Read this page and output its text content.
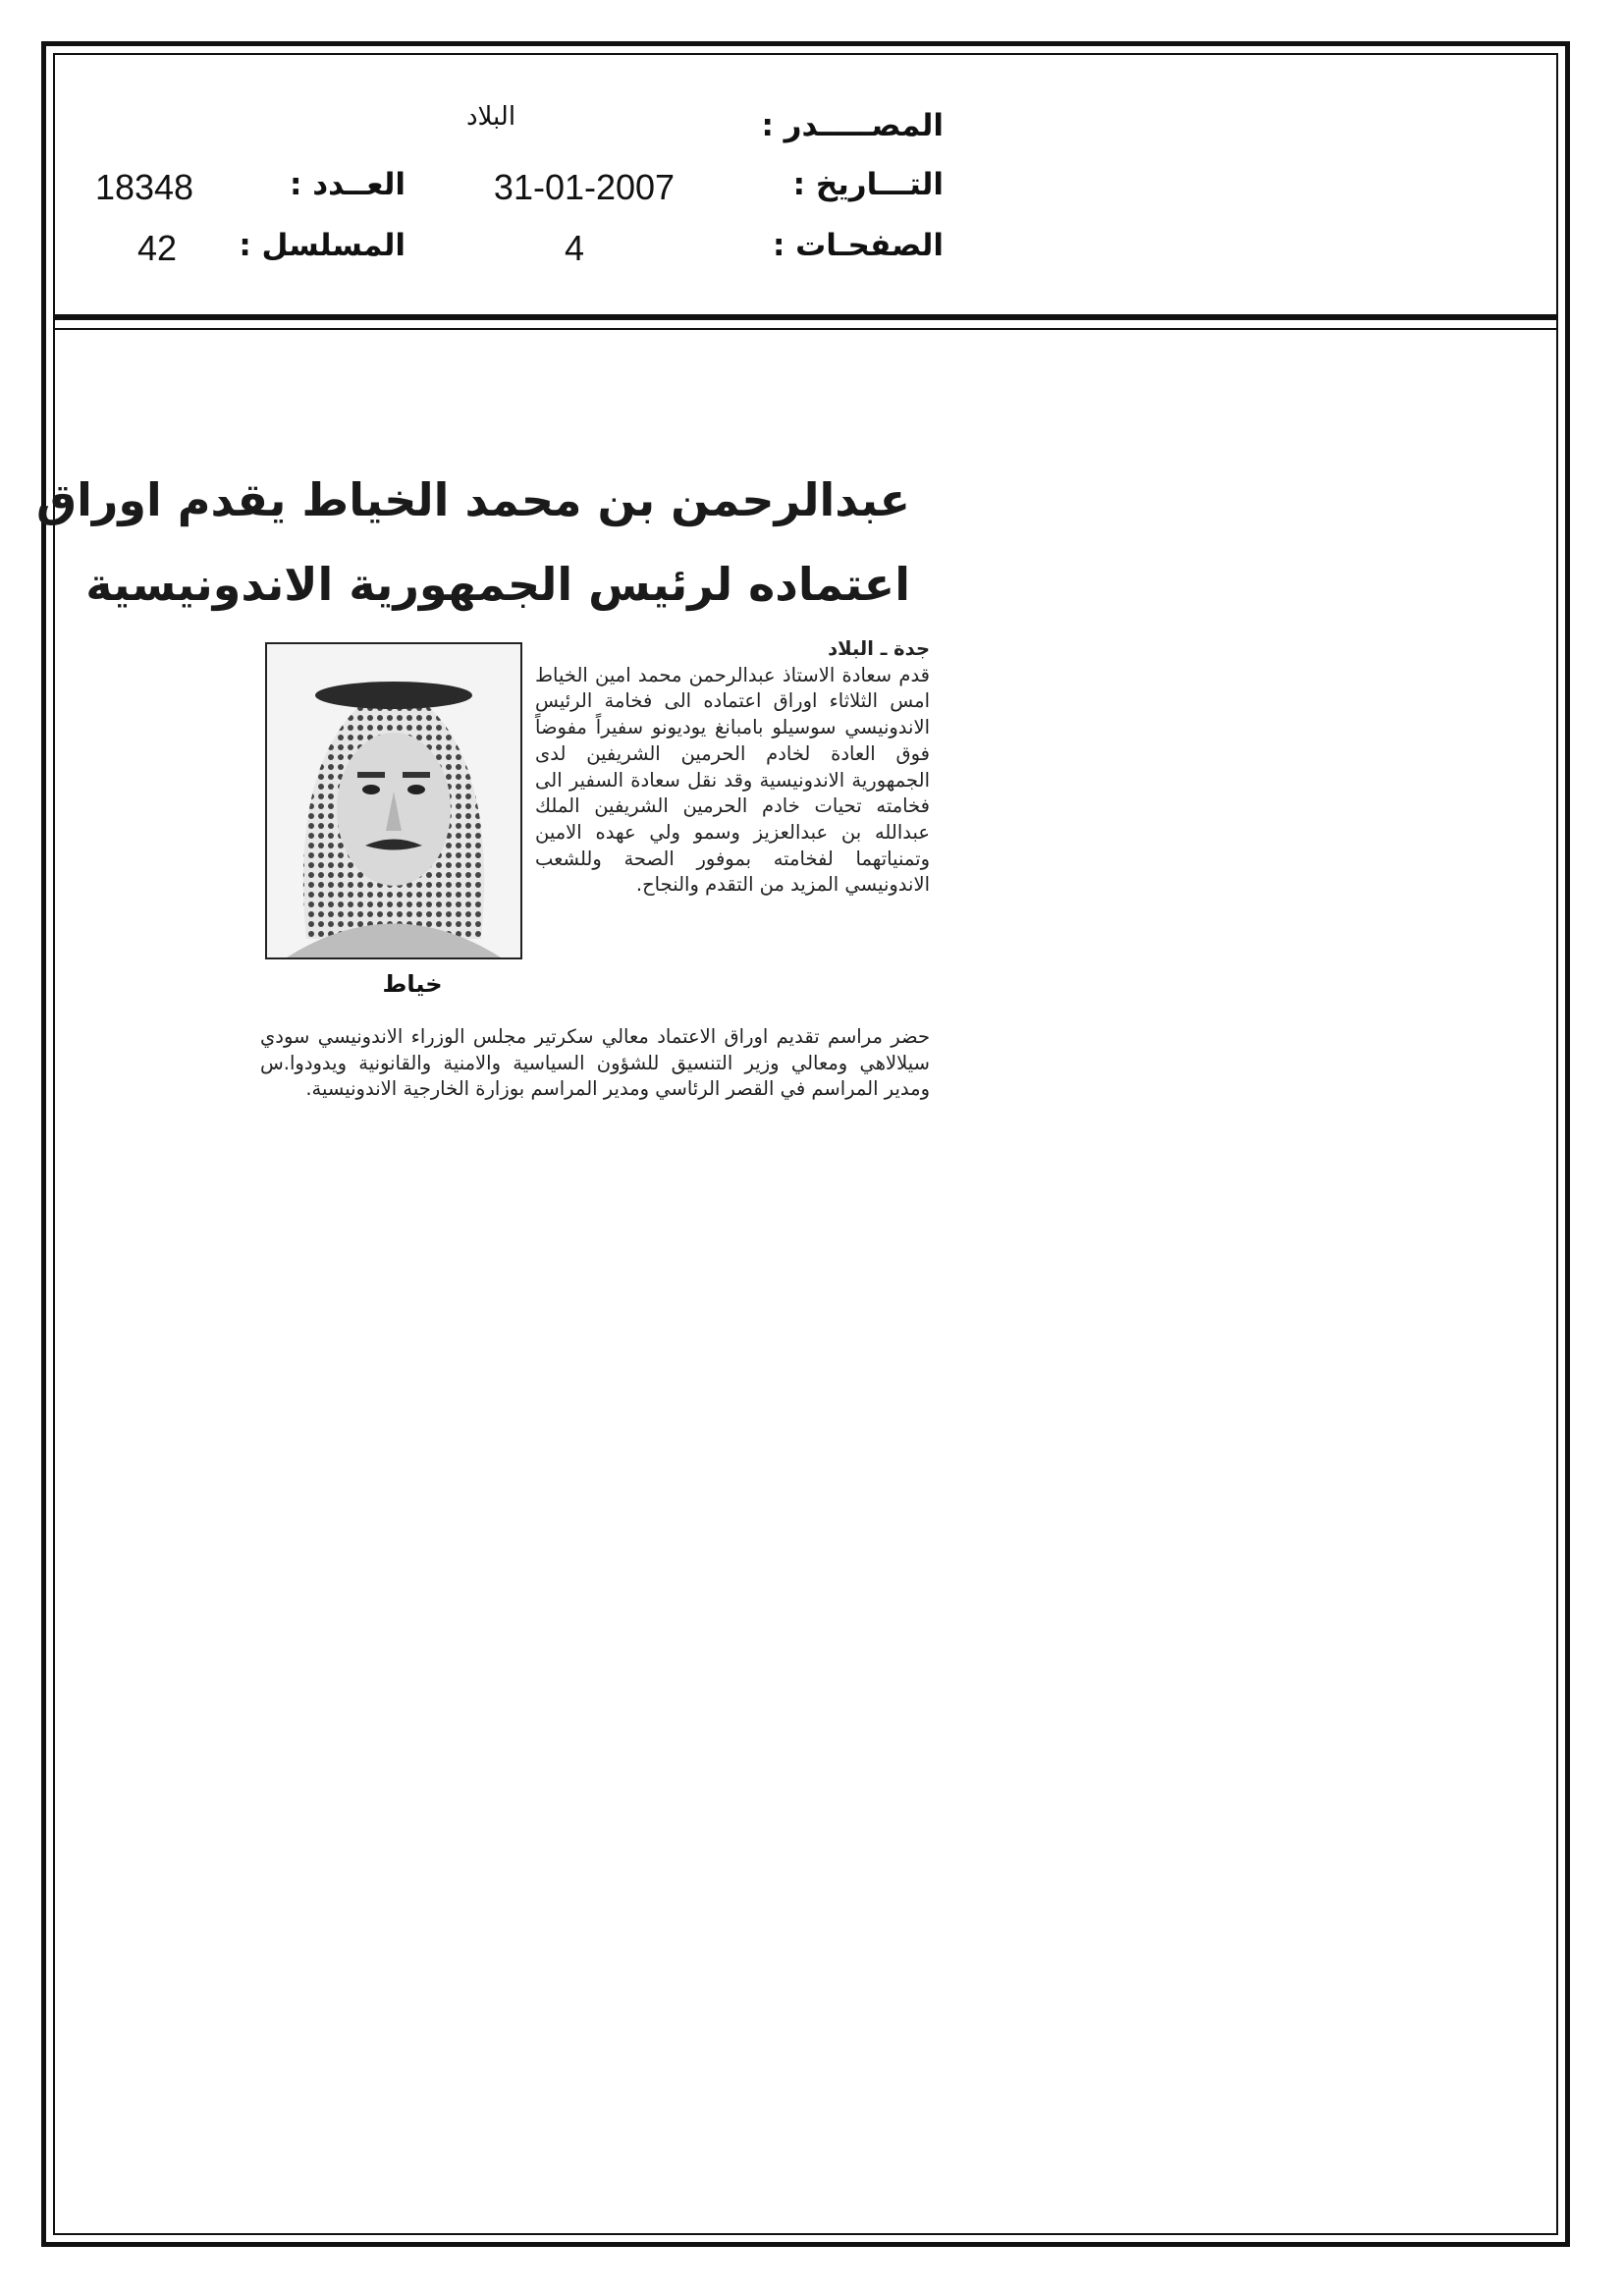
المصـــــدر :
البلاد
التـــاريخ :
31-01-2007
العــدد :
18348
الصفحـات :
4
المسلسل :
42
عبدالرحمن بن محمد الخياط يقدم اوراق
اعتماده لرئيس الجمهورية الاندونيسية
جدة ـ البلاد
قدم سعادة الاستاذ عبدالرحمن محمد امين الخياط امس الثلاثاء اوراق اعتماده الى فخامة الرئيس الاندونيسي سوسيلو بامبانغ يوديونو سفيراً مفوضاً فوق العادة لخادم الحرمين الشريفين لدى الجمهورية الاندونيسية وقد نقل سعادة السفير الى فخامته تحيات خادم الحرمين الشريفين الملك عبدالله بن عبدالعزيز وسمو ولي عهده الامين وتمنياتهما لفخامته بموفور الصحة وللشعب الاندونيسي المزيد من التقدم والنجاح.
حضر مراسم تقديم اوراق الاعتماد معالي سكرتير مجلس الوزراء الاندونيسي سودي سيلالاهي ومعالي وزير التنسيق للشؤون السياسية والامنية والقانونية ويدودوا.س ومدير المراسم في القصر الرئاسي ومدير المراسم بوزارة الخارجية الاندونيسية.
خياط
